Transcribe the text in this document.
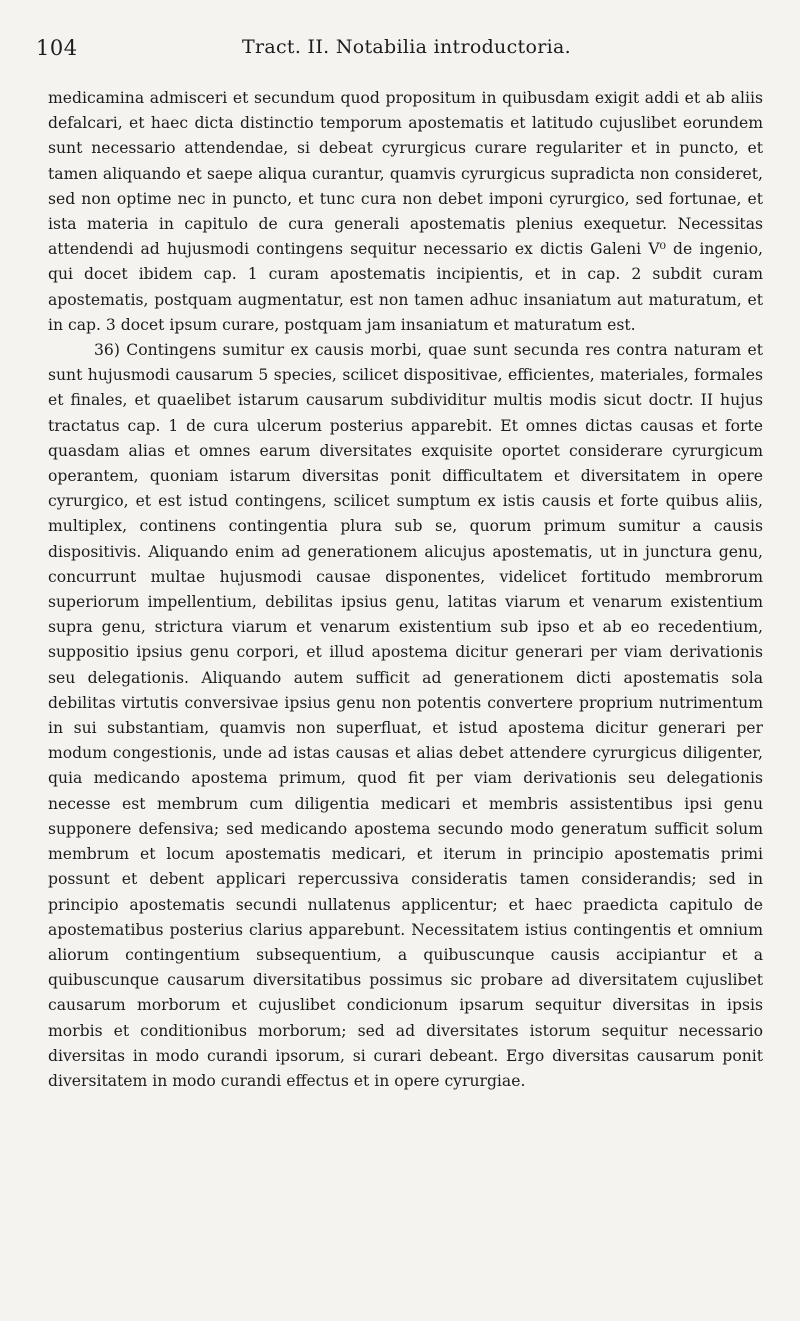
104	Tract. II. Notabilia introductoria.

medicamina admisceri et secundum quod propositum in quibusdam exigit addi et ab aliis defalcari, et haec dicta distinctio temporum apostematis et latitudo cujuslibet eorundem sunt necessario attendendae, si debeat cyrurgicus curare regulariter et in puncto, et tamen aliquando et saepe aliqua curantur, quamvis cyrurgicus supradicta non consideret, sed non optime nec in puncto, et tunc cura non debet imponi cyrurgico, sed fortunae, et ista materia in capitulo de cura generali apostematis plenius exequetur. Necessitas attendendi ad hujusmodi contingens sequitur necessario ex dictis Galeni V⁰ de ingenio, qui docet ibidem cap. 1 curam apostematis incipientis, et in cap. 2 subdit curam apostematis, postquam augmentatur, est non tamen adhuc insaniatum aut maturatum, et in cap. 3 docet ipsum curare, postquam jam insaniatum et maturatum est.

36) Contingens sumitur ex causis morbi, quae sunt secunda res contra naturam et sunt hujusmodi causarum 5 species, scilicet dispositivae, efficientes, materiales, formales et finales, et quaelibet istarum causarum subdividitur multis modis sicut doctr. II hujus tractatus cap. 1 de cura ulcerum posterius apparebit. Et omnes dictas causas et forte quasdam alias et omnes earum diversitates exquisite oportet considerare cyrurgicum operantem, quoniam istarum diversitas ponit difficultatem et diversitatem in opere cyrurgico, et est istud contingens, scilicet sumptum ex istis causis et forte quibus aliis, multiplex, continens contingentia plura sub se, quorum primum sumitur a causis dispositivis. Aliquando enim ad generationem alicujus apostematis, ut in junctura genu, concurrunt multae hujusmodi causae disponentes, videlicet fortitudo membrorum superiorum impellentium, debilitas ipsius genu, latitas viarum et venarum existentium supra genu, strictura viarum et venarum existentium sub ipso et ab eo recedentium, suppositio ipsius genu corpori, et illud apostema dicitur generari per viam derivationis seu delegationis. Aliquando autem sufficit ad generationem dicti apostematis sola debilitas virtutis conversivae ipsius genu non potentis convertere proprium nutrimentum in sui substantiam, quamvis non superfluat, et istud apostema dicitur generari per modum congestionis, unde ad istas causas et alias debet attendere cyrurgicus diligenter, quia medicando apostema primum, quod fit per viam derivationis seu delegationis necesse est membrum cum diligentia medicari et membris assistentibus ipsi genu supponere defensiva; sed medicando apostema secundo modo generatum sufficit solum membrum et locum apostematis medicari, et iterum in principio apostematis primi possunt et debent applicari repercussiva consideratis tamen considerandis; sed in principio apostematis secundi nullatenus applicentur; et haec praedicta capitulo de apostematibus posterius clarius apparebunt. Necessitatem istius contingentis et omnium aliorum contingentium subsequentium, a quibuscunque causis accipiantur et a quibuscunque causarum diversitatibus possimus sic probare ad diversitatem cujuslibet causarum morborum et cujuslibet condicionum ipsarum sequitur diversitas in ipsis morbis et conditionibus morborum; sed ad diversitates istorum sequitur necessario diversitas in modo curandi ipsorum, si curari debeant. Ergo diversitas causarum ponit diversitatem in modo curandi effectus et in opere cyrurgiae.
